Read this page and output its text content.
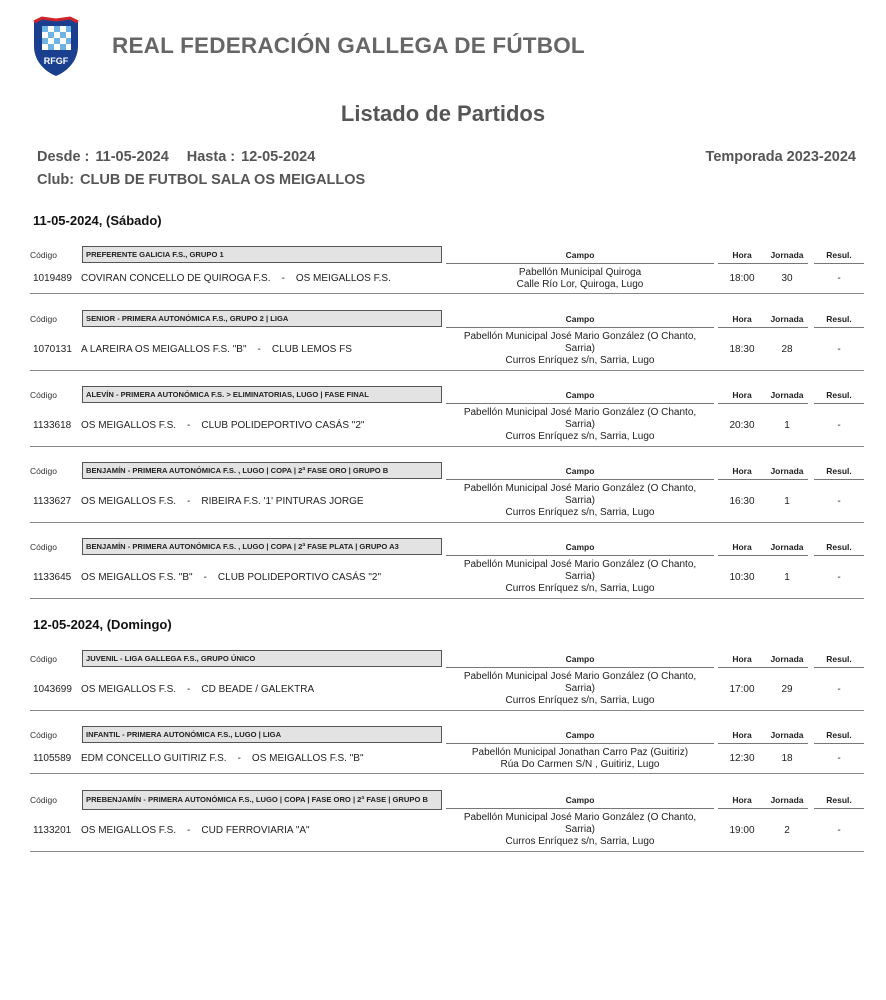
RFGF
REAL FEDERACIÓN GALLEGA DE FÚTBOL
Listado de Partidos
Desde : 11-05-2024 Hasta : 12-05-2024	Temporada 2023-2024
Club: CLUB DE FUTBOL SALA OS MEIGALLOS
11-05-2024, (Sábado)
Código	PREFERENTE GALICIA F.S., GRUPO 1	Campo	Hora	Jornada	Resul.
1019489 COVIRAN CONCELLO DE QUIROGA F.S. - OS MEIGALLOS F.S.
Pabellón Municipal Quiroga
Calle Río Lor, Quiroga, Lugo	18:00	30	-
Código	SENIOR - PRIMERA AUTONÓMICA F.S., GRUPO 2 | LIGA	Campo	Hora	Jornada	Resul.
1070131 A LAREIRA OS MEIGALLOS F.S. "B" - CLUB LEMOS FS
Pabellón Municipal José Mario González (O Chanto,
Sarria)
Curros Enríquez s/n, Sarria, Lugo
18:30	28	-
Código	ALEVÍN - PRIMERA AUTONÓMICA F.S. > ELIMINATORIAS, LUGO | FASE FINAL	Campo	Hora	Jornada	Resul.
1133618 OS MEIGALLOS F.S. - CLUB POLIDEPORTIVO CASÁS "2"
Pabellón Municipal José Mario González (O Chanto,
Sarria)
Curros Enríquez s/n, Sarria, Lugo
20:30	1	-
Código	BENJAMÍN - PRIMERA AUTONÓMICA F.S. , LUGO | COPA | 2ª FASE ORO | GRUPO B	Campo	Hora	Jornada	Resul.
1133627 OS MEIGALLOS F.S. - RIBEIRA F.S. '1' PINTURAS JORGE
Pabellón Municipal José Mario González (O Chanto,
Sarria)
Curros Enríquez s/n, Sarria, Lugo
16:30	1	-
Código	BENJAMÍN - PRIMERA AUTONÓMICA F.S. , LUGO | COPA | 2ª FASE PLATA | GRUPO A3	Campo	Hora	Jornada	Resul.
1133645 OS MEIGALLOS F.S. "B" - CLUB POLIDEPORTIVO CASÁS "2"
Pabellón Municipal José Mario González (O Chanto,
Sarria)
Curros Enríquez s/n, Sarria, Lugo
10:30	1	-
12-05-2024, (Domingo)
Código	JUVENIL - LIGA GALLEGA F.S., GRUPO ÚNICO	Campo	Hora	Jornada	Resul.
1043699 OS MEIGALLOS F.S. - CD BEADE / GALEKTRA
Pabellón Municipal José Mario González (O Chanto,
Sarria)
Curros Enríquez s/n, Sarria, Lugo
17:00	29	-
Código	INFANTIL - PRIMERA AUTONÓMICA F.S., LUGO | LIGA	Campo	Hora	Jornada	Resul.
1105589 EDM CONCELLO GUITIRIZ F.S. - OS MEIGALLOS F.S. "B"
Pabellón Municipal Jonathan Carro Paz (Guitiriz)
Rúa Do Carmen S/N , Guitiriz, Lugo	12:30	18	-
Código	PREBENJAMÍN - PRIMERA AUTONÓMICA F.S., LUGO | COPA | FASE ORO | 2ª FASE | GRUPO B	Campo	Hora	Jornada	Resul.
1133201 OS MEIGALLOS F.S. - CUD FERROVIARIA "A"
Pabellón Municipal José Mario González (O Chanto,
Sarria)
Curros Enríquez s/n, Sarria, Lugo
19:00	2	-
